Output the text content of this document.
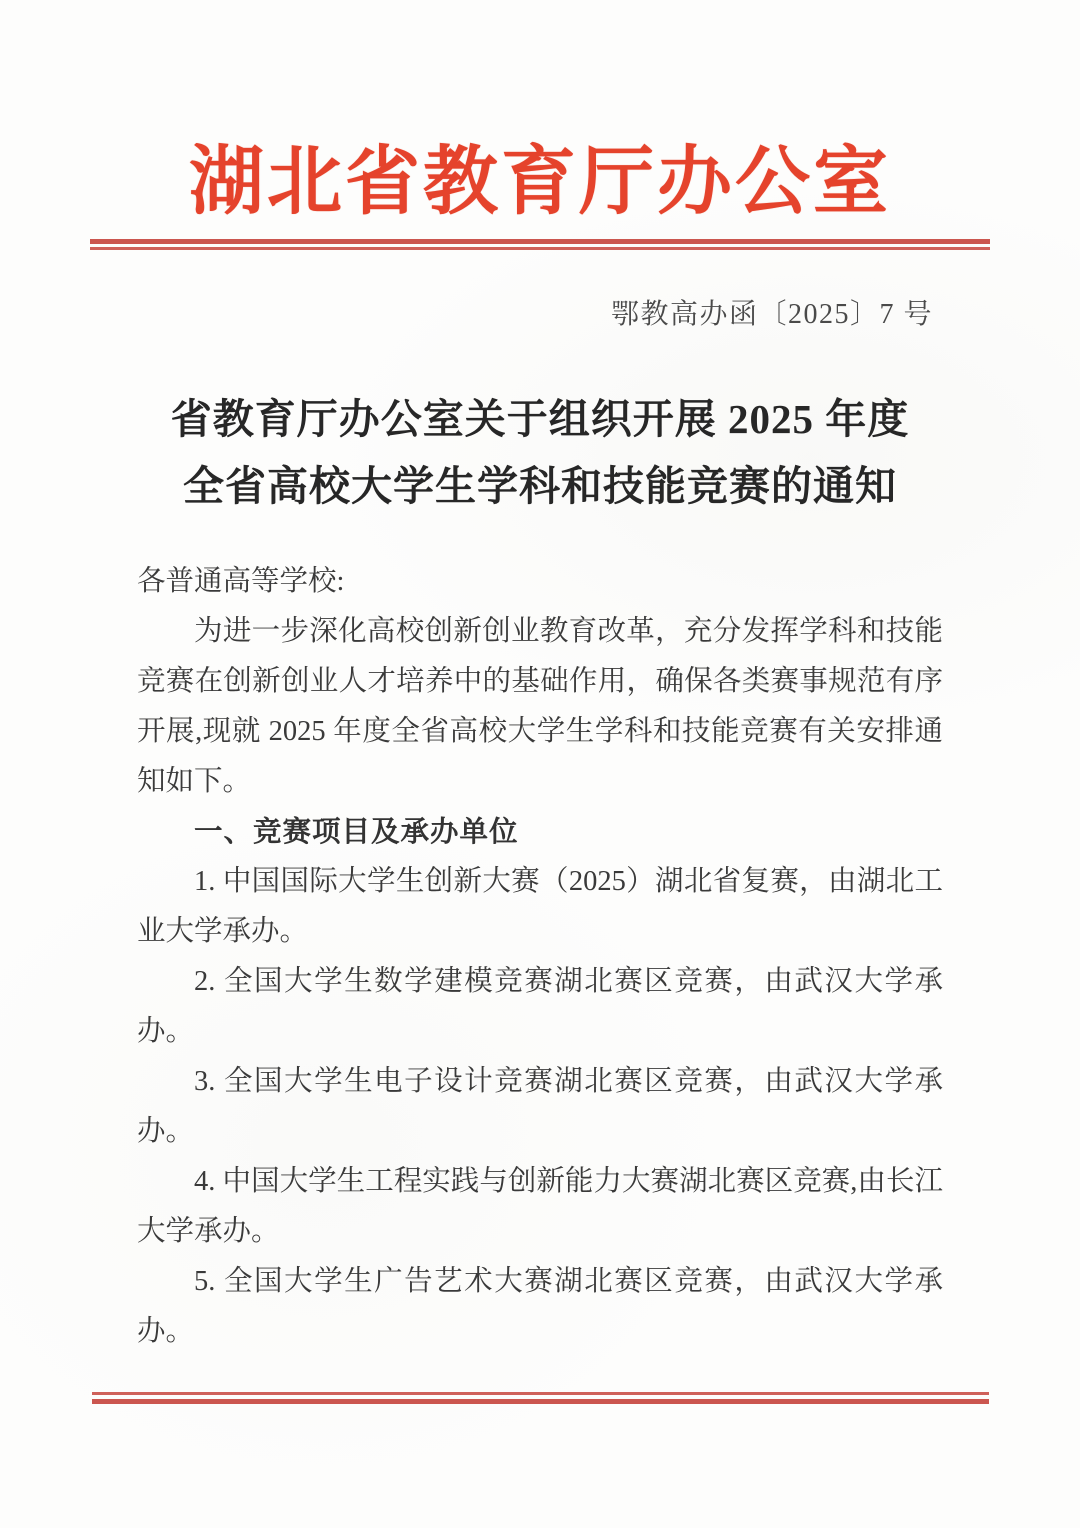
湖北省教育厅办公室
鄂教高办函〔2025〕7 号
省教育厅办公室关于组织开展 2025 年度
全省高校大学生学科和技能竞赛的通知

各普通高等学校:

为进一步深化高校创新创业教育改革，充分发挥学科和技能竞赛在创新创业人才培养中的基础作用，确保各类赛事规范有序开展,现就 2025 年度全省高校大学生学科和技能竞赛有关安排通知如下。

一、竞赛项目及承办单位

1. 中国国际大学生创新大赛（2025）湖北省复赛，由湖北工业大学承办。

2. 全国大学生数学建模竞赛湖北赛区竞赛，由武汉大学承办。

3. 全国大学生电子设计竞赛湖北赛区竞赛，由武汉大学承办。

4. 中国大学生工程实践与创新能力大赛湖北赛区竞赛,由长江大学承办。

5. 全国大学生广告艺术大赛湖北赛区竞赛，由武汉大学承办。
